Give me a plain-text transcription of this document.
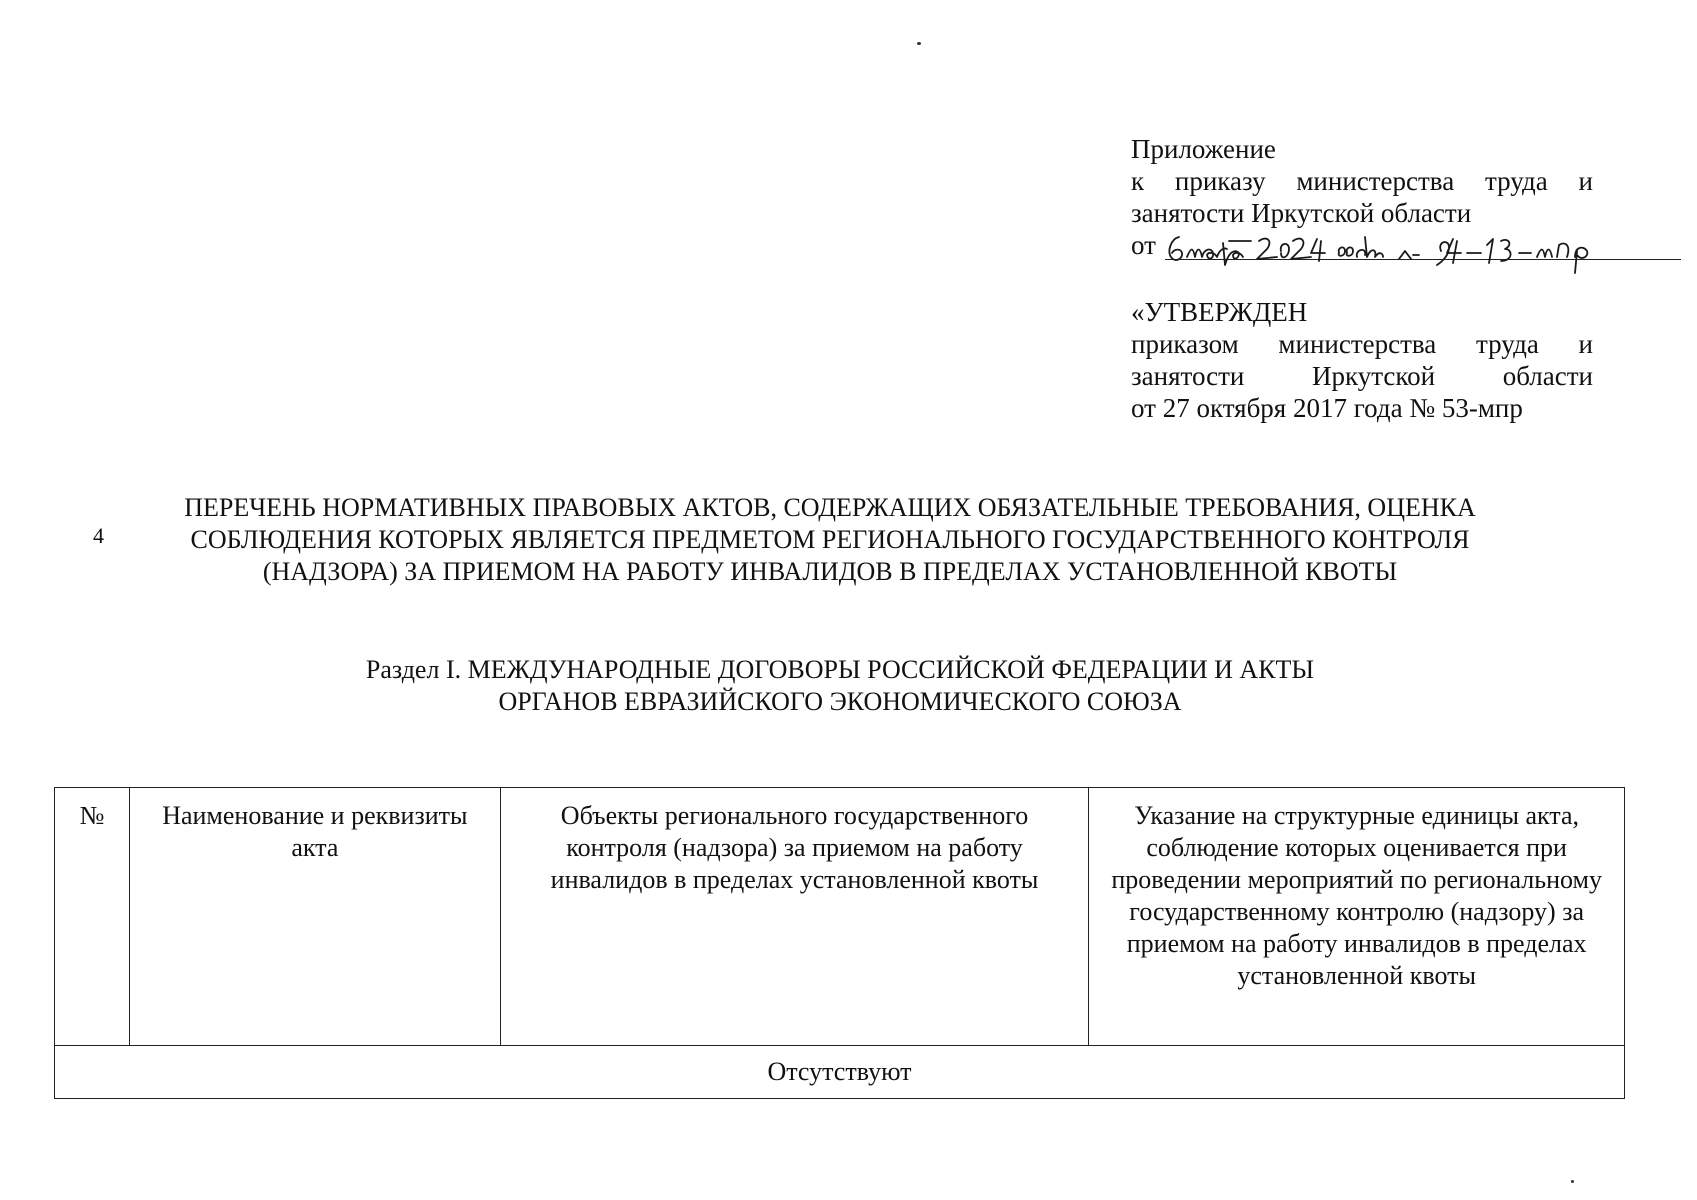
Приложение
к приказу министерства труда и
занятости Иркутской области
от
«УТВЕРЖДЕН
приказом министерства труда и
занятости	Иркутской	области
от 27 октября 2017 года № 53-мпр
4
ПЕРЕЧЕНЬ НОРМАТИВНЫХ ПРАВОВЫХ АКТОВ, СОДЕРЖАЩИХ ОБЯЗАТЕЛЬНЫЕ ТРЕБОВАНИЯ, ОЦЕНКА
СОБЛЮДЕНИЯ КОТОРЫХ ЯВЛЯЕТСЯ ПРЕДМЕТОМ РЕГИОНАЛЬНОГО ГОСУДАРСТВЕННОГО КОНТРОЛЯ
(НАДЗОРА) ЗА ПРИЕМОМ НА РАБОТУ ИНВАЛИДОВ В ПРЕДЕЛАХ УСТАНОВЛЕННОЙ КВОТЫ
Раздел I. МЕЖДУНАРОДНЫЕ ДОГОВОРЫ РОССИЙСКОЙ ФЕДЕРАЦИИ И АКТЫ
ОРГАНОВ ЕВРАЗИЙСКОГО ЭКОНОМИЧЕСКОГО СОЮЗА
№	Наименование и реквизиты акта	Объекты регионального государственного контроля (надзора) за приемом на работу инвалидов в пределах установленной квоты	Указание на структурные единицы акта, соблюдение которых оценивается при проведении мероприятий по региональному государственному контролю (надзору) за приемом на работу инвалидов в пределах установленной квоты
Отсутствуют
